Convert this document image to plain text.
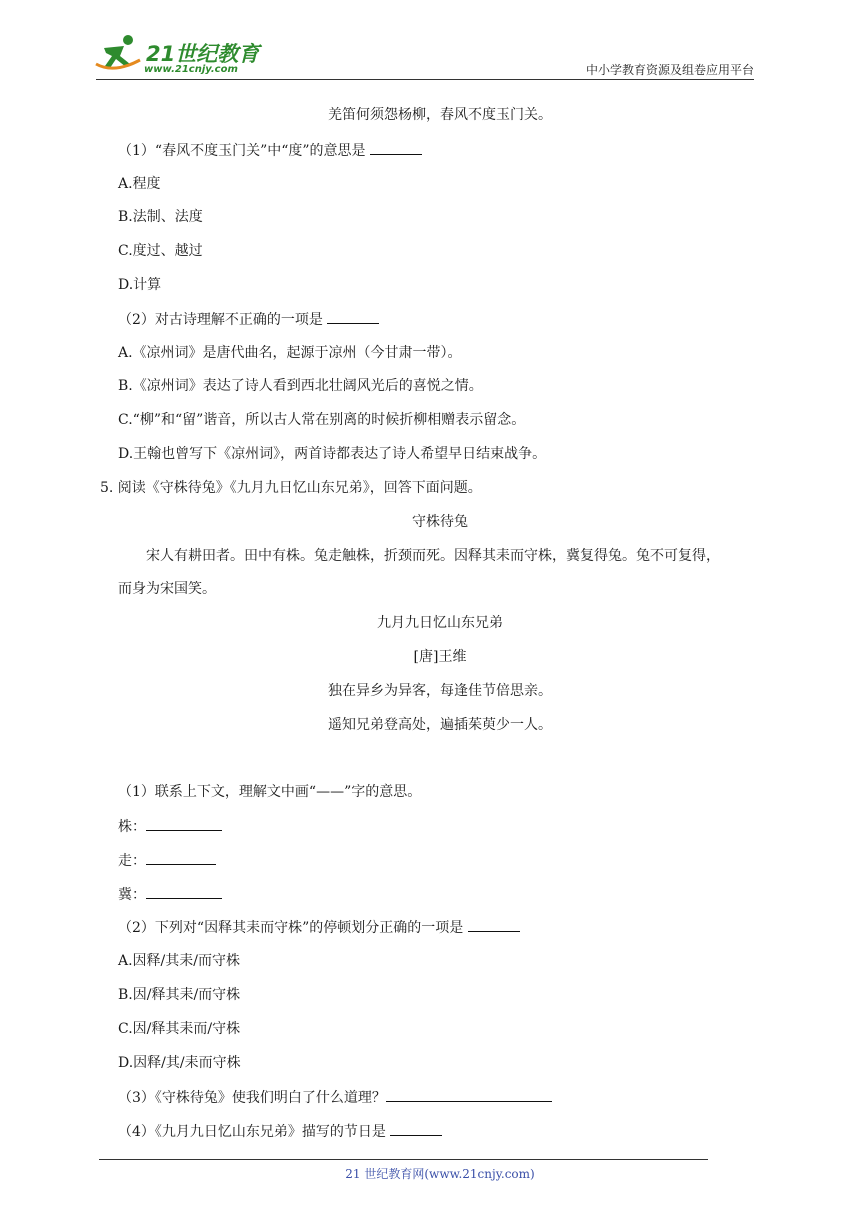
21世纪教育
www.21cnjy.com	中小学教育资源及组卷应用平台
羌笛何须怨杨柳，春风不度玉门关。
（1）“春风不度玉门关”中“度”的意思是
A.程度
B.法制、法度
C.度过、越过
D.计算
（2）对古诗理解不正确的一项是
A.《凉州词》是唐代曲名，起源于凉州（今甘肃一带）。
B.《凉州词》表达了诗人看到西北壮阔风光后的喜悦之情。
C.“柳”和“留”谐音，所以古人常在别离的时候折柳相赠表示留念。
D.王翰也曾写下《凉州词》，两首诗都表达了诗人希望早日结束战争。
5. 阅读《守株待兔》《九月九日忆山东兄弟》，回答下面问题。
守株待兔
宋人有耕田者。田中有株。兔走触株，折颈而死。因释其耒而守株，冀复得兔。兔不可复得，
而身为宋国笑。
九月九日忆山东兄弟
[唐]王维
独在异乡为异客，每逢佳节倍思亲。
遥知兄弟登高处，遍插茱萸少一人。
（1）联系上下文，理解文中画“——”字的意思。
株：
走：
冀：
（2）下列对“因释其耒而守株”的停顿划分正确的一项是
A.因释/其耒/而守株
B.因/释其耒/而守株
C.因/释其耒而/守株
D.因释/其/耒而守株
（3）《守株待兔》使我们明白了什么道理？
（4）《九月九日忆山东兄弟》描写的节日是
21 世纪教育网(www.21cnjy.com)
